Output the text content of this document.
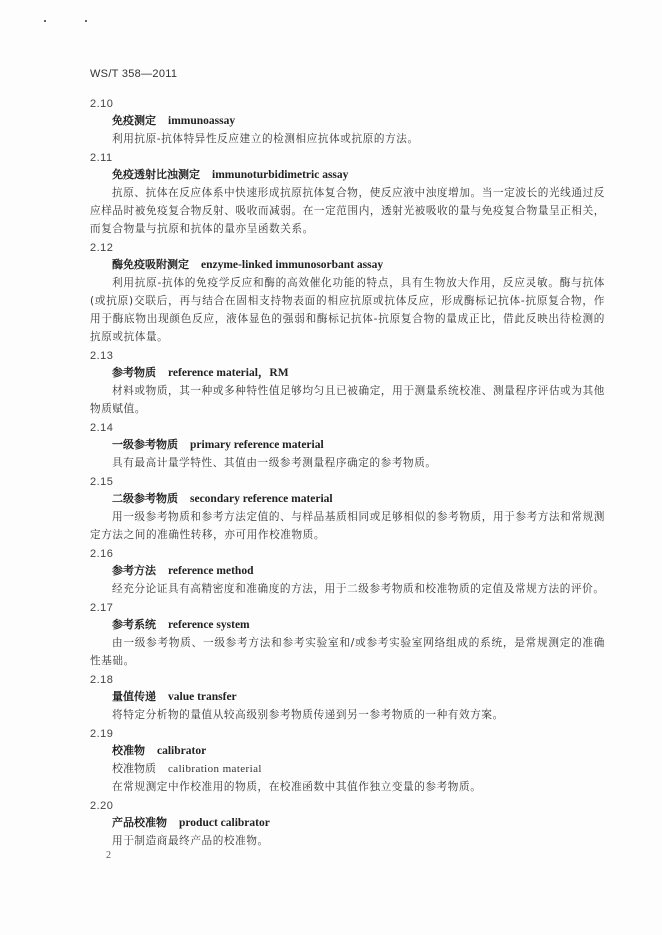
WS/T 358—2011
2.10
免疫测定 immunoassay

利用抗原-抗体特异性反应建立的检测相应抗体或抗原的方法。

2.11
免疫透射比浊测定 immunoturbidimetric assay

抗原、抗体在反应体系中快速形成抗原抗体复合物，使反应液中浊度增加。当一定波长的光线通过反应样品时被免疫复合物反射、吸收而减弱。在一定范围内，透射光被吸收的量与免疫复合物量呈正相关，而复合物量与抗原和抗体的量亦呈函数关系。

2.12
酶免疫吸附测定 enzyme-linked immunosorbant assay

利用抗原-抗体的免疫学反应和酶的高效催化功能的特点，具有生物放大作用，反应灵敏。酶与抗体(或抗原)交联后，再与结合在固相支持物表面的相应抗原或抗体反应，形成酶标记抗体-抗原复合物，作用于酶底物出现颜色反应，液体显色的强弱和酶标记抗体-抗原复合物的量成正比，借此反映出待检测的抗原或抗体量。

2.13
参考物质 reference material，RM

材料或物质，其一种或多种特性值足够均匀且已被确定，用于测量系统校准、测量程序评估或为其他物质赋值。

2.14
一级参考物质 primary reference material

具有最高计量学特性、其值由一级参考测量程序确定的参考物质。

2.15
二级参考物质 secondary reference material

用一级参考物质和参考方法定值的、与样品基质相同或足够相似的参考物质，用于参考方法和常规测定方法之间的准确性转移，亦可用作校准物质。

2.16
参考方法 reference method

经充分论证具有高精密度和准确度的方法，用于二级参考物质和校准物质的定值及常规方法的评价。

2.17
参考系统 reference system

由一级参考物质、一级参考方法和参考实验室和/或参考实验室网络组成的系统，是常规测定的准确性基础。

2.18
量值传递 value transfer

将特定分析物的量值从较高级别参考物质传递到另一参考物质的一种有效方案。

2.19
校准物 calibrator
校准物质 calibration material

在常规测定中作校准用的物质，在校准函数中其值作独立变量的参考物质。

2.20
产品校准物 product calibrator

用于制造商最终产品的校准物。

2
